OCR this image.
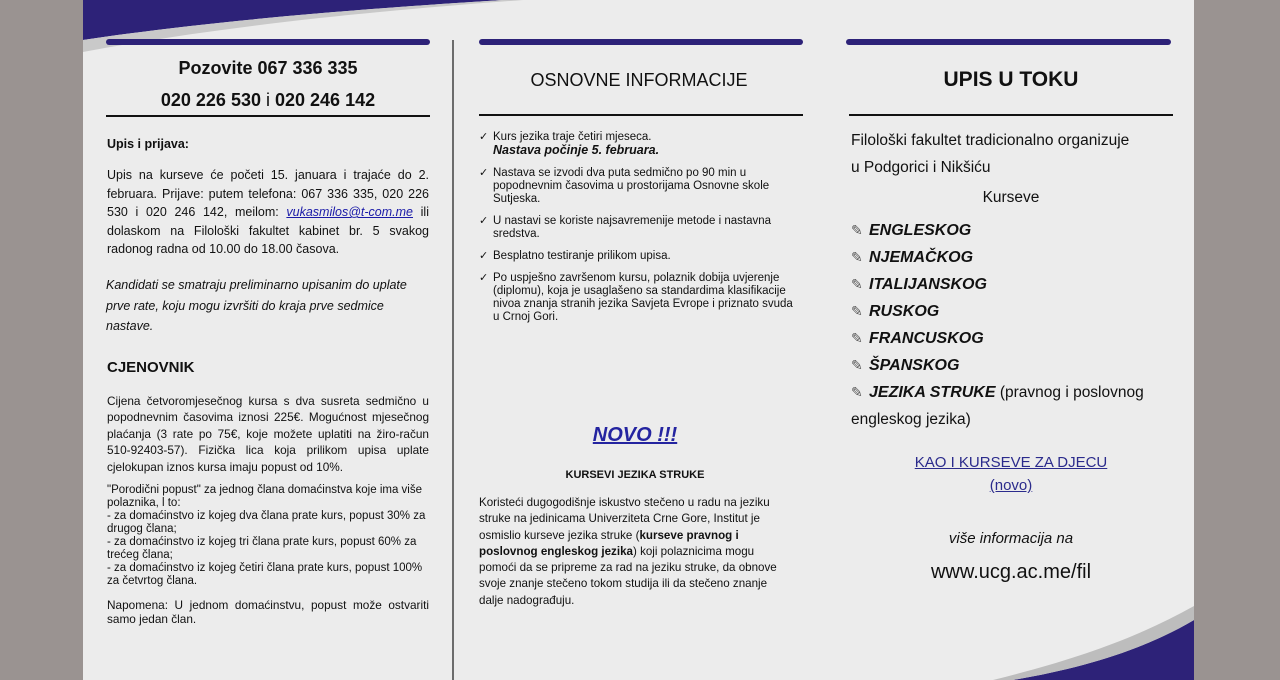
Pozovite 067 336 335

020 226 530 i 020 246 142

Upis i prijava:

Upis na kurseve će početi 15. januara i trajaće do 2. februara. Prijave: putem telefona: 067 336 335, 020 226 530 i 020 246 142, meilom: vukasmilos@t-com.me ili dolaskom na Filološki fakultet kabinet br. 5 svakog radonog radna od 10.00 do 18.00 časova.

Kandidati se smatraju preliminarno upisanim do uplate prve rate, koju mogu izvršiti do kraja prve sedmice nastave.

CJENOVNIK

Cijena četvoromjesečnog kursa s dva susreta sedmično u popodnevnim časovima iznosi 225€. Mogućnost mjesečnog plaćanja (3 rate po 75€, koje možete uplatiti na žiro-račun 510-92403-57). Fizička lica koja prilikom upisa uplate cjelokupan iznos kursa imaju popust od 10%.

"Porodični popust" za jednog člana domaćinstva koje ima više polaznika, l to:
- za domaćinstvo iz kojeg dva člana prate kurs, popust 30% za drugog člana;
- za domaćinstvo iz kojeg tri člana prate kurs, popust 60% za trećeg člana;
- za domaćinstvo iz kojeg četiri člana prate kurs, popust 100% za četvrtog člana.

Napomena: U jednom domaćinstvu, popust može ostvariti samo jedan član.

OSNOVNE INFORMACIJE

✓ Kurs jezika traje četiri mjeseca.
Nastava počinje 5. februara.
✓ Nastava se izvodi dva puta sedmično po 90 min u popodnevnim časovima u prostorijama Osnovne skole Sutjeska.
✓ U nastavi se koriste najsavremenije metode i nastavna sredstva.
✓ Besplatno testiranje prilikom upisa.
✓ Po uspješno završenom kursu, polaznik dobija uvjerenje (diplomu), koja je usaglašeno sa standardima klasifikacije nivoa znanja stranih jezika Savjeta Evrope i priznato svuda u Crnoj Gori.

NOVO !!!

KURSEVI JEZIKA STRUKE

Koristeći dugogodišnje iskustvo stečeno u radu na jeziku struke na jedinicama Univerziteta Crne Gore, Institut je osmislio kurseve jezika struke (kurseve pravnog i poslovnog engleskog jezika) koji polaznicima mogu pomoći da se pripreme za rad na jeziku struke, da obnove svoje znanje stečeno tokom studija ili da stečeno znanje dalje nadograđuju.

UPIS U TOKU

Filološki fakultet tradicionalno organizuje

u Podgorici i Nikšiću

Kurseve

✎ ENGLESKOG
✎ NJEMAČKOG
✎ ITALIJANSKOG
✎ RUSKOG
✎ FRANCUSKOG
✎ ŠPANSKOG
✎ JEZIKA STRUKE (pravnog i poslovnog
engleskog jezika)

KAO I KURSEVE ZA DJECU

(novo)

više informacija na

www.ucg.ac.me/fil
